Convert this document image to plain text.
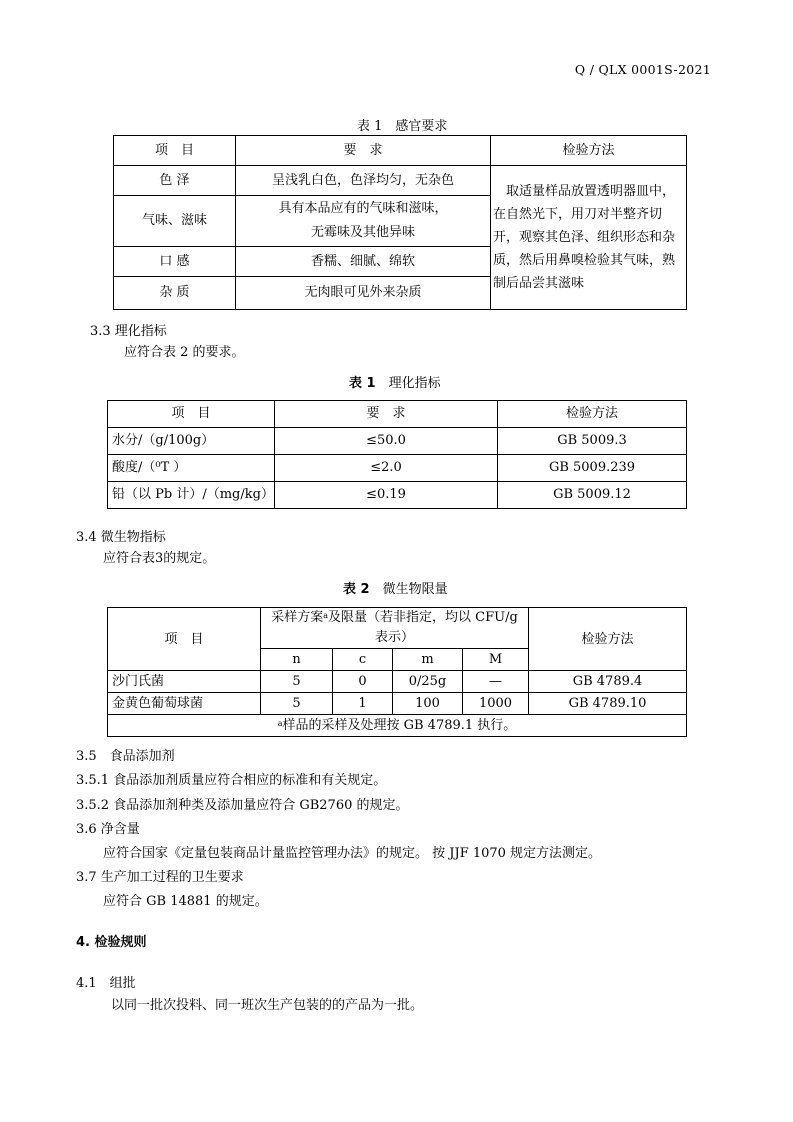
Q / QLX 0001S-2021
表 1　感官要求
项　目	要　求	检验方法
色 泽	呈浅乳白色，色泽均匀，无杂色	　取适量样品放置透明器皿中，在自然光下，用刀对半整齐切开，观察其色泽、组织形态和杂质，然后用鼻嗅检验其气味，熟制后品尝其滋味
气味、滋味	具有本品应有的气味和滋味，
无霉味及其他异味	
口 感	香糯、细腻、绵软	
杂 质	无肉眼可见外来杂质	
3.3 理化指标
应符合表 2 的要求。
表 1　 理化指标
项　目	要　求	检验方法
水分/（g/100g）	≤50.0	GB 5009.3
酸度/（⁰T ）	≤2.0	GB 5009.239
铅（以 Pb 计）/（mg/kg）	≤0.19	GB 5009.12
3.4 微生物指标
应符合表3的规定。
表 2　 微生物限量
项　目	采样方案$^a$及限量（若非指定，均以 CFU/g 表示）				检验方法
	n	c	m	M	
沙门氏菌	5	0	0/25g	—	GB 4789.4
金黄色葡萄球菌	5	1	100	1000	GB 4789.10
$^a$样品的采样及处理按 GB 4789.1 执行。					
3.5　食品添加剂
3.5.1 食品添加剂质量应符合相应的标准和有关规定。
3.5.2 食品添加剂种类及添加量应符合 GB2760 的规定。
3.6 净含量
应符合国家《定量包装商品计量监控管理办法》的规定。 按 JJF 1070 规定方法测定。
3.7 生产加工过程的卫生要求
应符合 GB 14881 的规定。
4. 检验规则
4.1　组批
以同一批次投料、同一班次生产包装的的产品为一批。
